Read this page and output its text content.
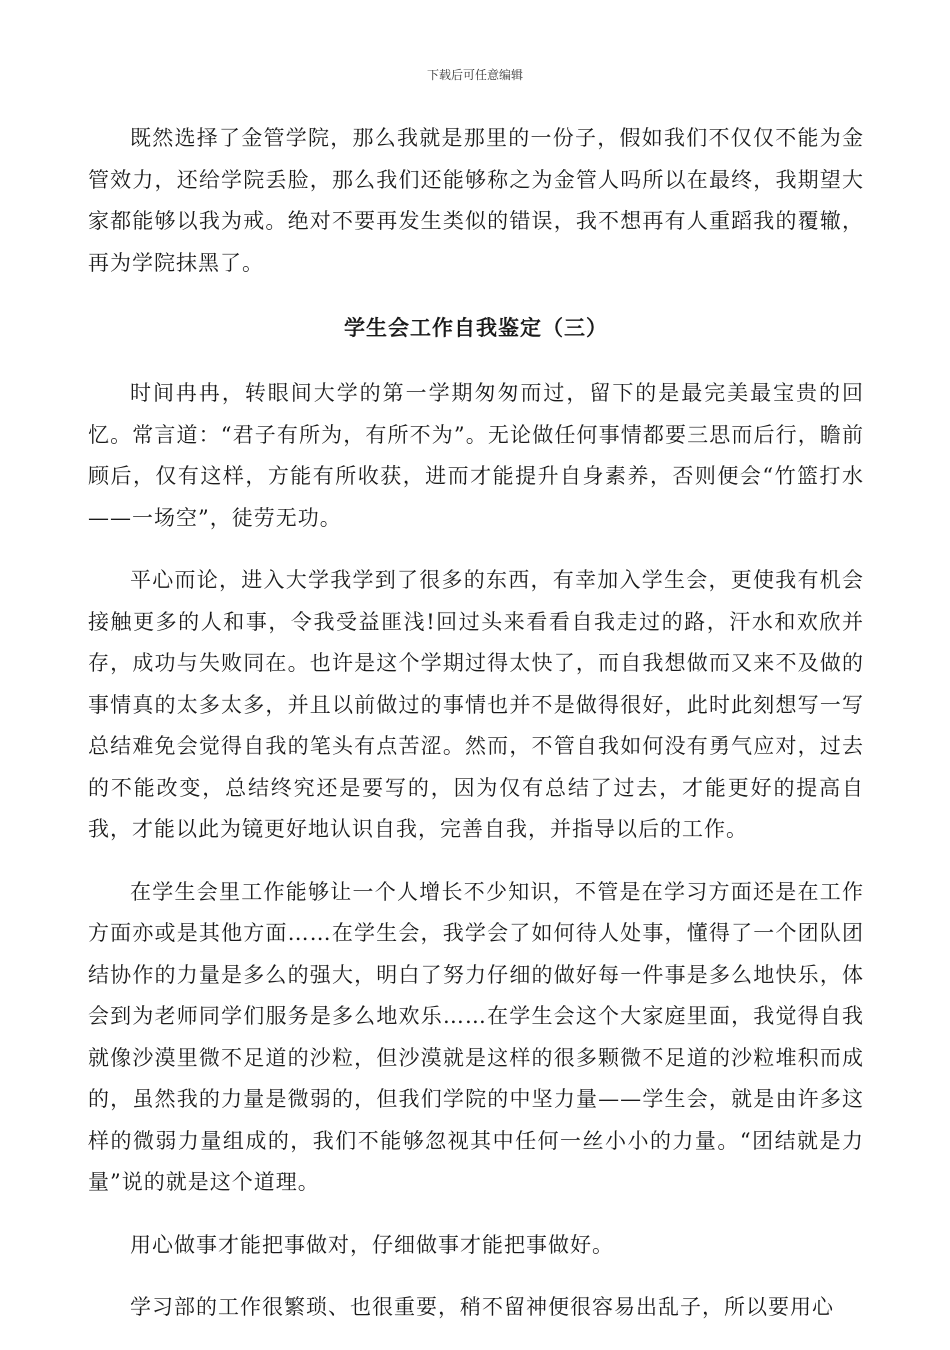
下载后可任意编辑

既然选择了金管学院，那么我就是那里的一份子，假如我们不仅仅不能为金管效力，还给学院丢脸，那么我们还能够称之为金管人吗所以在最终，我期望大家都能够以我为戒。绝对不要再发生类似的错误，我不想再有人重蹈我的覆辙，再为学院抹黑了。

学生会工作自我鉴定（三）

时间冉冉，转眼间大学的第一学期匆匆而过，留下的是最完美最宝贵的回忆。常言道：“君子有所为，有所不为”。无论做任何事情都要三思而后行，瞻前顾后，仅有这样，方能有所收获，进而才能提升自身素养，否则便会“竹篮打水——一场空”，徒劳无功。

平心而论，进入大学我学到了很多的东西，有幸加入学生会，更使我有机会接触更多的人和事，令我受益匪浅!回过头来看看自我走过的路，汗水和欢欣并存，成功与失败同在。也许是这个学期过得太快了，而自我想做而又来不及做的事情真的太多太多，并且以前做过的事情也并不是做得很好，此时此刻想写一写总结难免会觉得自我的笔头有点苦涩。然而，不管自我如何没有勇气应对，过去的不能改变，总结终究还是要写的，因为仅有总结了过去，才能更好的提高自我，才能以此为镜更好地认识自我，完善自我，并指导以后的工作。

在学生会里工作能够让一个人增长不少知识，不管是在学习方面还是在工作方面亦或是其他方面……在学生会，我学会了如何待人处事，懂得了一个团队团结协作的力量是多么的强大，明白了努力仔细的做好每一件事是多么地快乐，体会到为老师同学们服务是多么地欢乐……在学生会这个大家庭里面，我觉得自我就像沙漠里微不足道的沙粒，但沙漠就是这样的很多颗微不足道的沙粒堆积而成的，虽然我的力量是微弱的，但我们学院的中坚力量——学生会，就是由许多这样的微弱力量组成的，我们不能够忽视其中任何一丝小小的力量。“团结就是力量”说的就是这个道理。

用心做事才能把事做对，仔细做事才能把事做好。

学习部的工作很繁琐、也很重要，稍不留神便很容易出乱子，所以要用心
